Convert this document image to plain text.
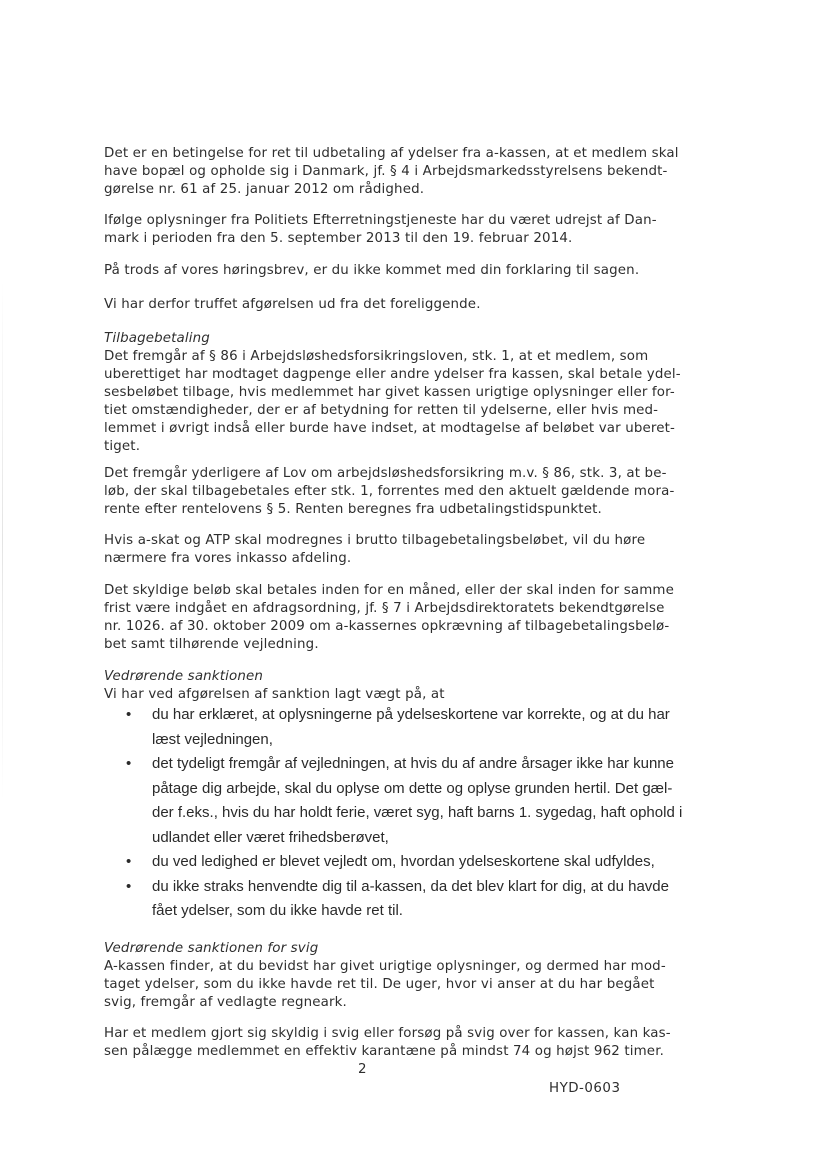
Det er en betingelse for ret til udbetaling af ydelser fra a-kassen, at et medlem skal
have bopæl og opholde sig i Danmark, jf. § 4 i Arbejdsmarkedsstyrelsens bekendt-
gørelse nr. 61 af 25. januar 2012 om rådighed.
Ifølge oplysninger fra Politiets Efterretningstjeneste har du været udrejst af Dan-
mark i perioden fra den 5. september 2013 til den 19. februar 2014.
På trods af vores høringsbrev, er du ikke kommet med din forklaring til sagen.
Vi har derfor truffet afgørelsen ud fra det foreliggende.
Tilbagebetaling
Det fremgår af § 86 i Arbejdsløshedsforsikringsloven, stk. 1, at et medlem, som
uberettiget har modtaget dagpenge eller andre ydelser fra kassen, skal betale ydel-
sesbeløbet tilbage, hvis medlemmet har givet kassen urigtige oplysninger eller for-
tiet omstændigheder, der er af betydning for retten til ydelserne, eller hvis med-
lemmet i øvrigt indså eller burde have indset, at modtagelse af beløbet var uberet-
tiget.
Det fremgår yderligere af Lov om arbejdsløshedsforsikring m.v. § 86, stk. 3, at be-
løb, der skal tilbagebetales efter stk. 1, forrentes med den aktuelt gældende mora-
rente efter rentelovens § 5. Renten beregnes fra udbetalingstidspunktet.
Hvis a-skat og ATP skal modregnes i brutto tilbagebetalingsbeløbet, vil du høre
nærmere fra vores inkasso afdeling.
Det skyldige beløb skal betales inden for en måned, eller der skal inden for samme
frist være indgået en afdragsordning, jf. § 7 i Arbejdsdirektoratets bekendtgørelse
nr. 1026. af 30. oktober 2009 om a-kassernes opkrævning af tilbagebetalingsbelø-
bet samt tilhørende vejledning.
Vedrørende sanktionen
Vi har ved afgørelsen af sanktion lagt vægt på, at
• du har erklæret, at oplysningerne på ydelseskortene var korrekte, og at du har
læst vejledningen,
• det tydeligt fremgår af vejledningen, at hvis du af andre årsager ikke har kunne
påtage dig arbejde, skal du oplyse om dette og oplyse grunden hertil. Det gæl-
der f.eks., hvis du har holdt ferie, været syg, haft barns 1. sygedag, haft ophold i
udlandet eller været frihedsberøvet,
• du ved ledighed er blevet vejledt om, hvordan ydelseskortene skal udfyldes,
• du ikke straks henvendte dig til a-kassen, da det blev klart for dig, at du havde
fået ydelser, som du ikke havde ret til.
Vedrørende sanktionen for svig
A-kassen finder, at du bevidst har givet urigtige oplysninger, og dermed har mod-
taget ydelser, som du ikke havde ret til. De uger, hvor vi anser at du har begået
svig, fremgår af vedlagte regneark.
Har et medlem gjort sig skyldig i svig eller forsøg på svig over for kassen, kan kas-
sen pålægge medlemmet en effektiv karantæne på mindst 74 og højst 962 timer.
2
HYD-0603
